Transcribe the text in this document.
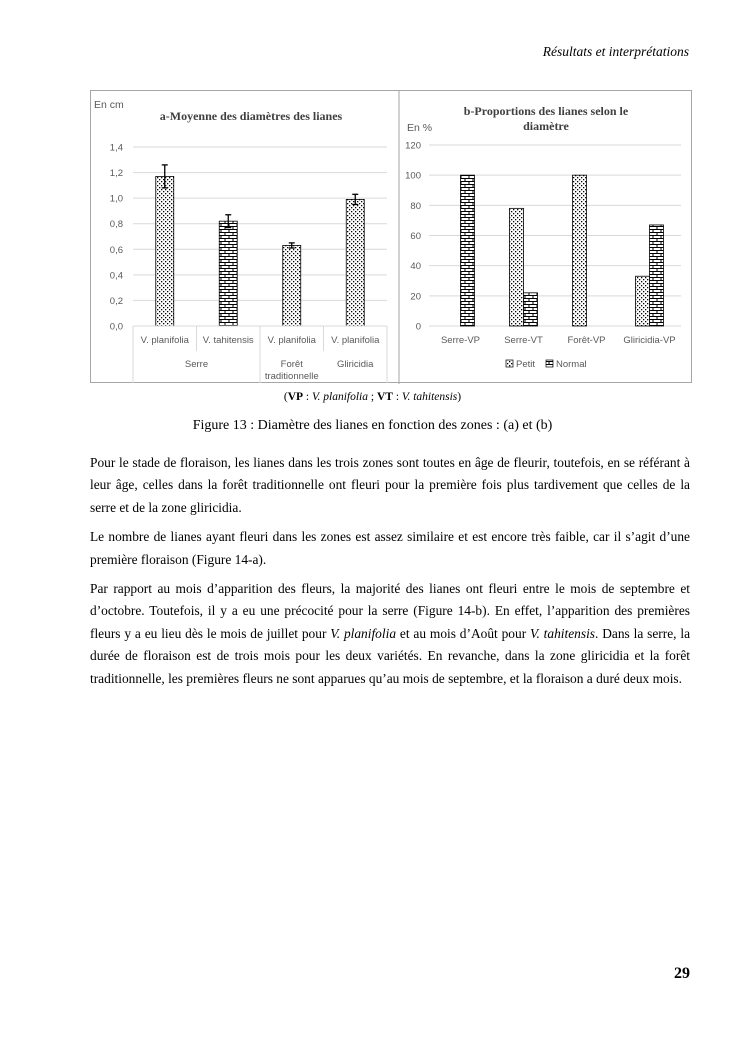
Résultats et interprétations
En cm
a-Moyenne des diamètres des lianes
0,0
0,2
0,4
0,6
0,8
1,0
1,2
1,4
V. planifolia V. tahitensis V. planifolia V. planifolia
Serre	Forêt traditionnelle
Gliricidia
En %
b-Proportions des lianes selon le
diamètre
0
20
40
60
80
100
120
Serre-VP	Serre-VT	Forêt-VP Gliricidia-VP
Petit Normal
(VP : V. planifolia ; VT : V. tahitensis)
Figure 13 : Diamètre des lianes en fonction des zones : (a) et (b)

Pour le stade de floraison, les lianes dans les trois zones sont toutes en âge de fleurir, toutefois, en se référant à leur âge, celles dans la forêt traditionnelle ont fleuri pour la première fois plus tardivement que celles de la serre et de la zone gliricidia.

Le nombre de lianes ayant fleuri dans les zones est assez similaire et est encore très faible, car il s’agit d’une première floraison (Figure 14-a).

Par rapport au mois d’apparition des fleurs, la majorité des lianes ont fleuri entre le mois de septembre et d’octobre. Toutefois, il y a eu une précocité pour la serre (Figure 14-b). En effet, l’apparition des premières fleurs y a eu lieu dès le mois de juillet pour V. planifolia et au mois d’Août pour V. tahitensis. Dans la serre, la durée de floraison est de trois mois pour les deux variétés. En revanche, dans la zone gliricidia et la forêt traditionnelle, les premières fleurs ne sont apparues qu’au mois de septembre, et la floraison a duré deux mois.

29
